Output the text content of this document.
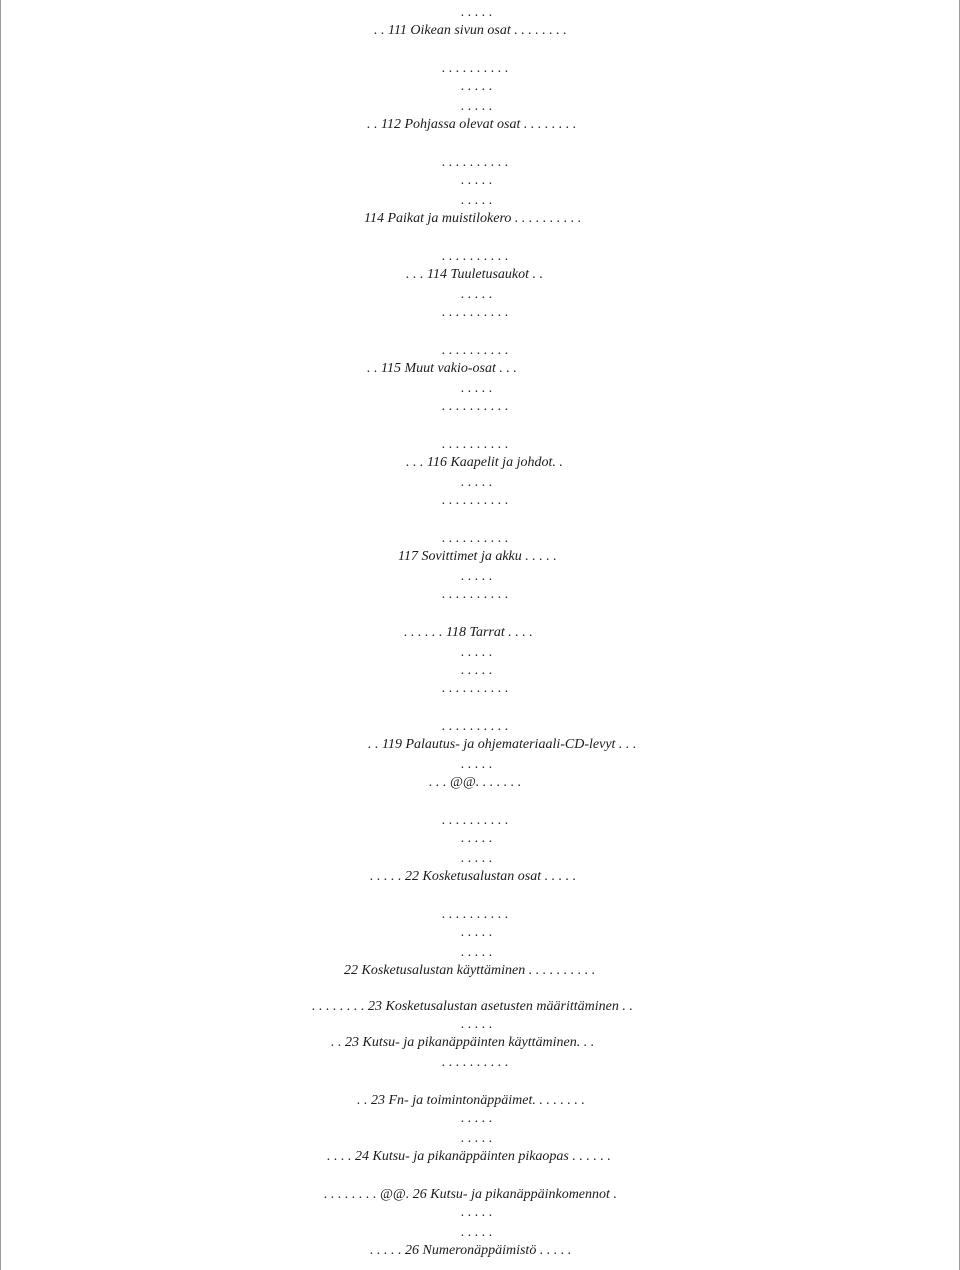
. . . . .
. . 111 Oikean sivun osat . . . . . . . .
. . . . . . . . . .
. . . . .
. . . . .
. . 112 Pohjassa olevat osat . . . . . . . .
. . . . . . . . . .
. . . . .
. . . . .
114 Paikat ja muistilokero . . . . . . . . . .
. . . . . . . . . .
. . . 114 Tuuletusaukot . .
. . . . .
. . . . . . . . . .
. . . . . . . . . .
. . 115 Muut vakio-osat . . .
. . . . .
. . . . . . . . . .
. . . . . . . . . .
. . . 116 Kaapelit ja johdot. .
. . . . .
. . . . . . . . . .
. . . . . . . . . .
117 Sovittimet ja akku . . . . .
. . . . .
. . . . . . . . . .
. . . . . . 118 Tarrat . . . .
. . . . .
. . . . .
. . . . . . . . . .
. . . . . . . . . .
. . 119 Palautus- ja ohjemateriaali-CD-levyt . . .
. . . . .
. . . @@. . . . . . .
. . . . . . . . . .
. . . . .
. . . . .
. . . . . 22 Kosketusalustan osat . . . . .
. . . . . . . . . .
. . . . .
. . . . .
22 Kosketusalustan käyttäminen . . . . . . . . . .
. . . . . . . . 23 Kosketusalustan asetusten määrittäminen . .
. . . . .
. . 23 Kutsu- ja pikanäppäinten käyttäminen. . .
. . . . . . . . . .
. . 23 Fn- ja toimintonäppäimet. . . . . . . .
. . . . .
. . . . .
. . . . 24 Kutsu- ja pikanäppäinten pikaopas . . . . . .
. . . . . . . . @@. 26 Kutsu- ja pikanäppäinkomennot .
. . . . .
. . . . .
. . . . . 26 Numeronäppäimistö . . . . .
